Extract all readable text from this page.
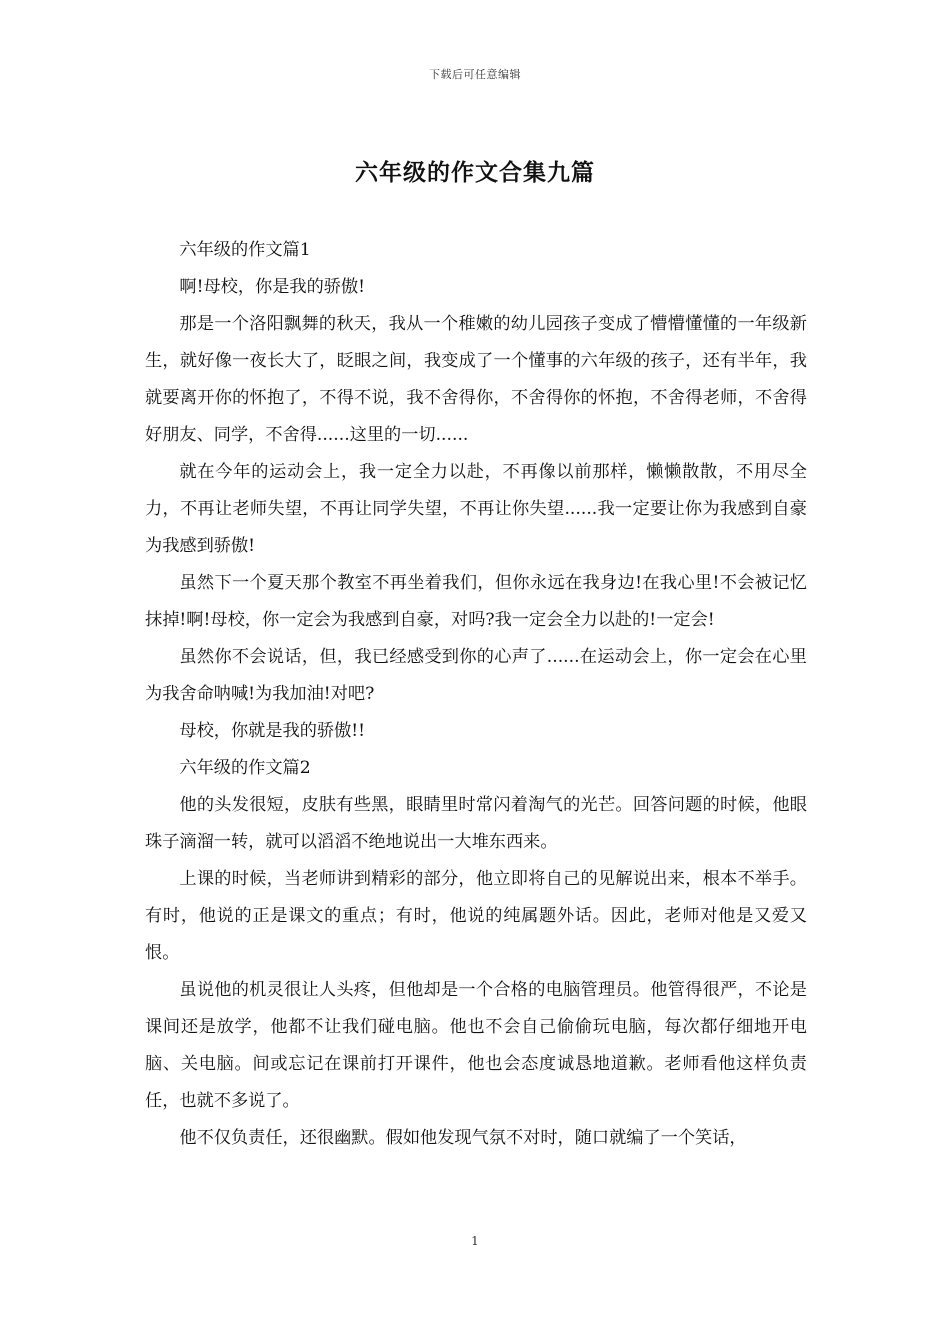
下载后可任意编辑
六年级的作文合集九篇

六年级的作文篇1

啊!母校，你是我的骄傲!

那是一个洛阳飘舞的秋天，我从一个稚嫩的幼儿园孩子变成了懵懵懂懂的一年级新生，就好像一夜长大了，眨眼之间，我变成了一个懂事的六年级的孩子，还有半年，我就要离开你的怀抱了，不得不说，我不舍得你，不舍得你的怀抱，不舍得老师，不舍得好朋友、同学，不舍得......这里的一切......

就在今年的运动会上，我一定全力以赴，不再像以前那样，懒懒散散，不用尽全力，不再让老师失望，不再让同学失望，不再让你失望......我一定要让你为我感到自豪为我感到骄傲!

虽然下一个夏天那个教室不再坐着我们，但你永远在我身边!在我心里!不会被记忆抹掉!啊!母校，你一定会为我感到自豪，对吗?我一定会全力以赴的!一定会!

虽然你不会说话，但，我已经感受到你的心声了......在运动会上，你一定会在心里为我舍命呐喊!为我加油!对吧?

母校，你就是我的骄傲!!

六年级的作文篇2

他的头发很短，皮肤有些黑，眼睛里时常闪着淘气的光芒。回答问题的时候，他眼珠子滴溜一转，就可以滔滔不绝地说出一大堆东西来。

上课的时候，当老师讲到精彩的部分，他立即将自己的见解说出来，根本不举手。有时，他说的正是课文的重点；有时，他说的纯属题外话。因此，老师对他是又爱又恨。

虽说他的机灵很让人头疼，但他却是一个合格的电脑管理员。他管得很严，不论是课间还是放学，他都不让我们碰电脑。他也不会自己偷偷玩电脑，每次都仔细地开电脑、关电脑。间或忘记在课前打开课件，他也会态度诚恳地道歉。老师看他这样负责任，也就不多说了。

他不仅负责任，还很幽默。假如他发现气氛不对时，随口就编了一个笑话，

1
